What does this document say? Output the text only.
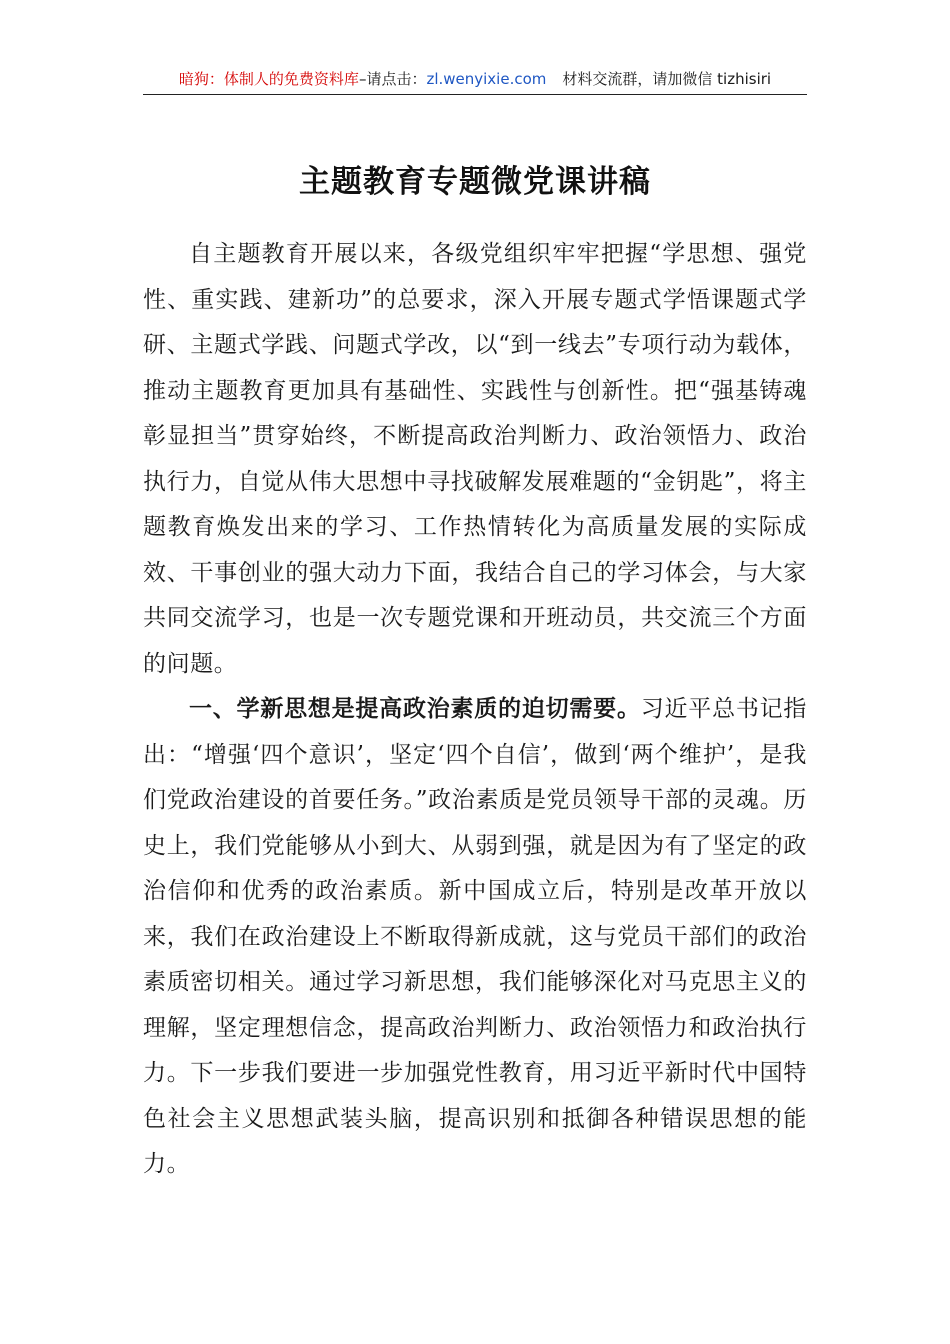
暗狗：体制人的免费资料库–请点击：zl.wenyixie.com 材料交流群，请加微信 tizhisiri
主题教育专题微党课讲稿

自主题教育开展以来，各级党组织牢牢把握“学思想、强党性、重实践、建新功”的总要求，深入开展专题式学悟课题式学研、主题式学践、问题式学改，以“到一线去”专项行动为载体，推动主题教育更加具有基础性、实践性与创新性。把“强基铸魂彰显担当”贯穿始终，不断提高政治判断力、政治领悟力、政治执行力，自觉从伟大思想中寻找破解发展难题的“金钥匙”，将主题教育焕发出来的学习、工作热情转化为高质量发展的实际成效、干事创业的强大动力下面，我结合自己的学习体会，与大家共同交流学习，也是一次专题党课和开班动员，共交流三个方面的问题。

一、学新思想是提高政治素质的迫切需要。习近平总书记指出：“增强‘四个意识’，坚定‘四个自信’，做到‘两个维护’，是我们党政治建设的首要任务。”政治素质是党员领导干部的灵魂。历史上，我们党能够从小到大、从弱到强，就是因为有了坚定的政治信仰和优秀的政治素质。新中国成立后，特别是改革开放以来，我们在政治建设上不断取得新成就，这与党员干部们的政治素质密切相关。通过学习新思想，我们能够深化对马克思主义的理解，坚定理想信念，提高政治判断力、政治领悟力和政治执行力。下一步我们要进一步加强党性教育，用习近平新时代中国特色社会主义思想武装头脑，提高识别和抵御各种错误思想的能力。
